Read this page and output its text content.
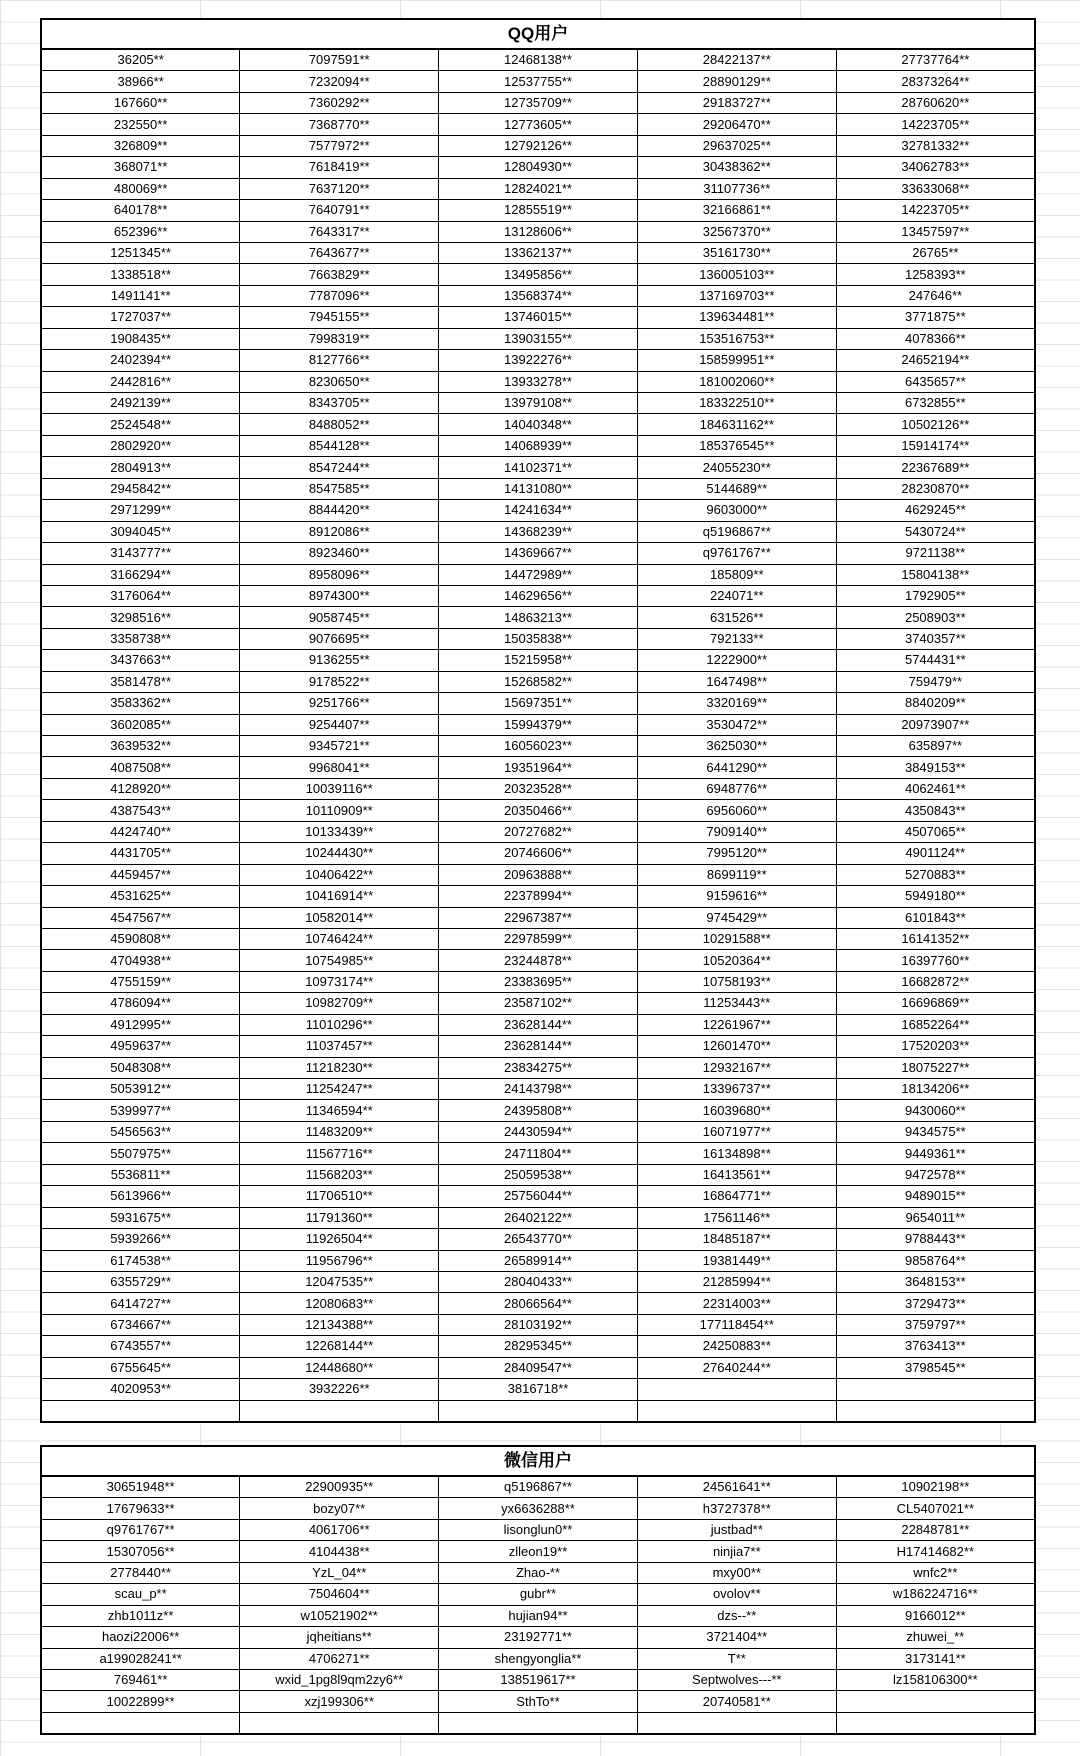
QQ用户				
36205**	7097591**	12468138**	28422137**	27737764**
38966**	7232094**	12537755**	28890129**	28373264**
167660**	7360292**	12735709**	29183727**	28760620**
232550**	7368770**	12773605**	29206470**	14223705**
326809**	7577972**	12792126**	29637025**	32781332**
368071**	7618419**	12804930**	30438362**	34062783**
480069**	7637120**	12824021**	31107736**	33633068**
640178**	7640791**	12855519**	32166861**	14223705**
652396**	7643317**	13128606**	32567370**	13457597**
1251345**	7643677**	13362137**	35161730**	26765**
1338518**	7663829**	13495856**	136005103**	1258393**
1491141**	7787096**	13568374**	137169703**	247646**
1727037**	7945155**	13746015**	139634481**	3771875**
1908435**	7998319**	13903155**	153516753**	4078366**
2402394**	8127766**	13922276**	158599951**	24652194**
2442816**	8230650**	13933278**	181002060**	6435657**
2492139**	8343705**	13979108**	183322510**	6732855**
2524548**	8488052**	14040348**	184631162**	10502126**
2802920**	8544128**	14068939**	185376545**	15914174**
2804913**	8547244**	14102371**	24055230**	22367689**
2945842**	8547585**	14131080**	5144689**	28230870**
2971299**	8844420**	14241634**	9603000**	4629245**
3094045**	8912086**	14368239**	q5196867**	5430724**
3143777**	8923460**	14369667**	q9761767**	9721138**
3166294**	8958096**	14472989**	185809**	15804138**
3176064**	8974300**	14629656**	224071**	1792905**
3298516**	9058745**	14863213**	631526**	2508903**
3358738**	9076695**	15035838**	792133**	3740357**
3437663**	9136255**	15215958**	1222900**	5744431**
3581478**	9178522**	15268582**	1647498**	759479**
3583362**	9251766**	15697351**	3320169**	8840209**
3602085**	9254407**	15994379**	3530472**	20973907**
3639532**	9345721**	16056023**	3625030**	635897**
4087508**	9968041**	19351964**	6441290**	3849153**
4128920**	10039116**	20323528**	6948776**	4062461**
4387543**	10110909**	20350466**	6956060**	4350843**
4424740**	10133439**	20727682**	7909140**	4507065**
4431705**	10244430**	20746606**	7995120**	4901124**
4459457**	10406422**	20963888**	8699119**	5270883**
4531625**	10416914**	22378994**	9159616**	5949180**
4547567**	10582014**	22967387**	9745429**	6101843**
4590808**	10746424**	22978599**	10291588**	16141352**
4704938**	10754985**	23244878**	10520364**	16397760**
4755159**	10973174**	23383695**	10758193**	16682872**
4786094**	10982709**	23587102**	11253443**	16696869**
4912995**	11010296**	23628144**	12261967**	16852264**
4959637**	11037457**	23628144**	12601470**	17520203**
5048308**	11218230**	23834275**	12932167**	18075227**
5053912**	11254247**	24143798**	13396737**	18134206**
5399977**	11346594**	24395808**	16039680**	9430060**
5456563**	11483209**	24430594**	16071977**	9434575**
5507975**	11567716**	24711804**	16134898**	9449361**
5536811**	11568203**	25059538**	16413561**	9472578**
5613966**	11706510**	25756044**	16864771**	9489015**
5931675**	11791360**	26402122**	17561146**	9654011**
5939266**	11926504**	26543770**	18485187**	9788443**
6174538**	11956796**	26589914**	19381449**	9858764**
6355729**	12047535**	28040433**	21285994**	3648153**
6414727**	12080683**	28066564**	22314003**	3729473**
6734667**	12134388**	28103192**	177118454**	3759797**
6743557**	12268144**	28295345**	24250883**	3763413**
6755645**	12448680**	28409547**	27640244**	3798545**
4020953**	3932226**	3816718**		

微信用户				
30651948**	22900935**	q5196867**	24561641**	10902198**
17679633**	bozy07**	yx6636288**	h3727378**	CL5407021**
q9761767**	4061706**	lisonglun0**	justbad**	22848781**
15307056**	4104438**	zlleon19**	ninjia7**	H17414682**
2778440**	YzL_04**	Zhao-**	mxy00**	wnfc2**
scau_p**	7504604**	gubr**	ovolov**	w186224716**
zhb1011z**	w10521902**	hujian94**	dzs--**	9166012**
haozi22006**	jqheitians**	23192771**	3721404**	zhuwei_**
a199028241**	4706271**	shengyonglia**	T**	3173141**
769461**	wxid_1pg8l9qm2zy6**	138519617**	Septwolves---**	lz158106300**
10022899**	xzj199306**	SthTo**	20740581**	
